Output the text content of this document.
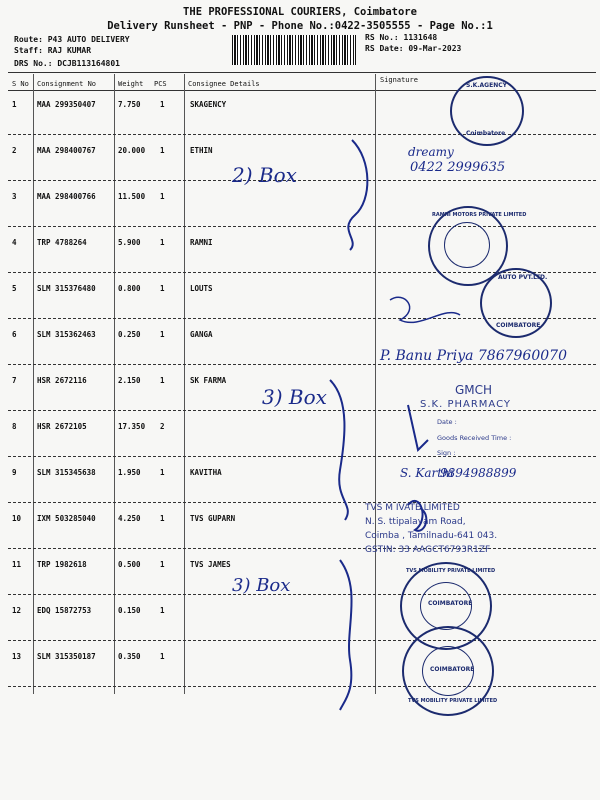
THE PROFESSIONAL COURIERS, Coimbatore
Delivery Runsheet - PNP - Phone No.:0422-3505555 - Page No.:1
Route: P43 AUTO DELIVERY
Staff: RAJ KUMAR
DRS No.: DCJB113164801
RS No.: 1131648
RS Date: 09-Mar-2023
S No Consignment No	Weight PCS	Consignee Details	Signature
1	MAA 299350407	7.750	1	SKAGENCY
2	MAA 298400767	20.000 1	ETHIN
3	MAA 298400766	11.500 1
4	TRP 4788264	5.900	1	RAMNI
5	SLM 315376480	0.800	1	LOUTS
6	SLM 315362463	0.250	1	GANGA
7	HSR 2672116	2.150	1	SK FARMA
8	HSR 2672105	17.350 2
9	SLM 315345638	1.950	1	KAVITHA
10 IXM 503285040	4.250	1	TVS GUPARN
11 TRP 1982618	0.500	1	TVS JAMES
12 EDQ 15872753	0.150	1
13 SLM 315350187	0.350	1
2) Box
dreamy
0422 2999635
P. Banu Priya 7867960070
3) Box
S. Karthi
9894988899
3) Box
S.K.AGENCY
Coimbatore
RAMNI MOTORS PRIVATE LIMITED
AUTO PVT.LTD.
COIMBATORE
GMCH
S.K. PHARMACY
Date :
Goods Received Time :
Sign :
TVS M IVATE LIMITED
N. S. ttipalayam Road,
Coimba , Tamilnadu-641 043.
GSTIN: 33 AAGCT6793R1ZF
TVS MOBILITY PRIVATE LIMITED
COIMBATORE
TVS MOBILITY PRIVATE LIMITED
COIMBATORE
